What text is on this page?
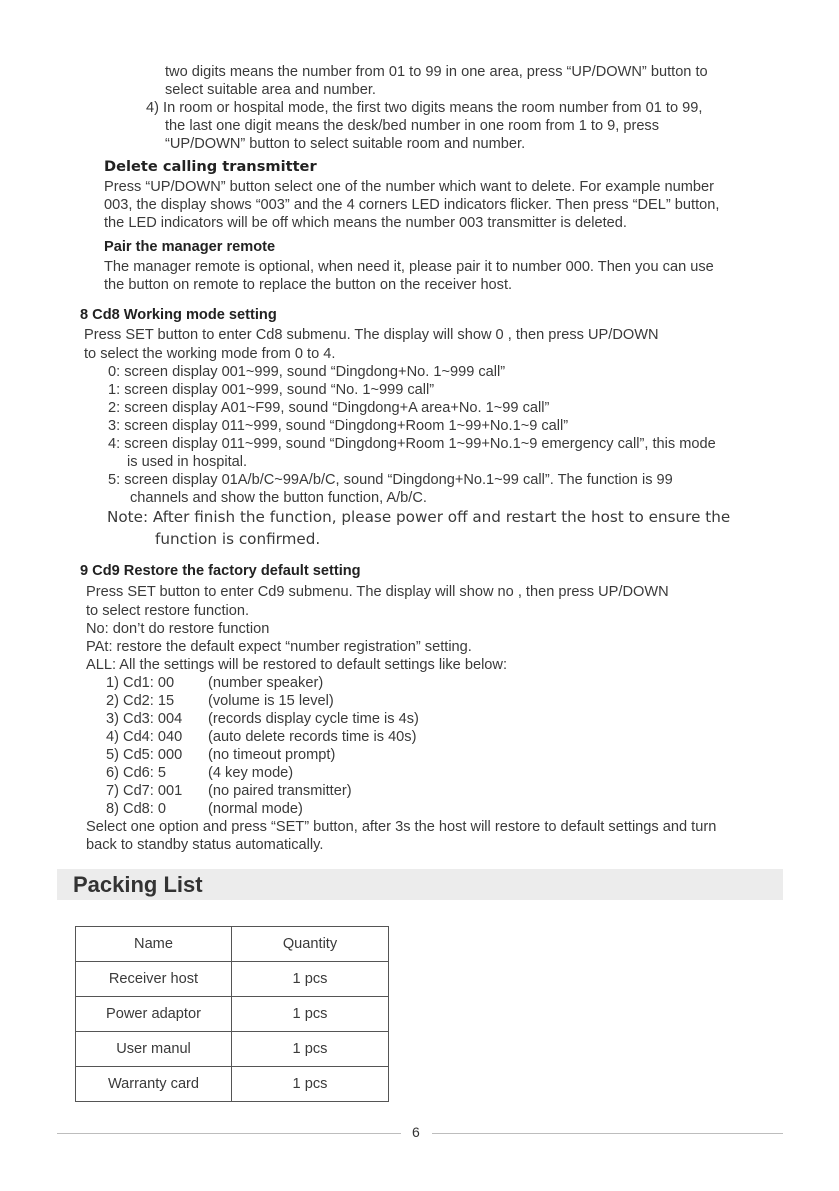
two digits means the number from 01 to 99 in one area, press “UP/DOWN” button to
select suitable area and number.
4) In room or hospital mode, the first two digits means the room number from 01 to 99,
the last one digit means the desk/bed number in one room from 1 to 9, press
“UP/DOWN” button to select suitable room and number.
Delete calling transmitter
Press “UP/DOWN” button select one of the number which want to delete. For example number
003, the display shows “003” and the 4 corners LED indicators flicker. Then press “DEL” button,
the LED indicators will be off which means the number 003 transmitter is deleted.
Pair the manager remote
The manager remote is optional, when need it, please pair it to number 000. Then you can use
the button on remote to replace the button on the receiver host.
8 Cd8 Working mode setting
Press SET button to enter Cd8 submenu. The display will show 0 , then press UP/DOWN
to select the working mode from 0 to 4.
0: screen display 001~999, sound “Dingdong+No. 1~999 call”
1: screen display 001~999, sound “No. 1~999 call”
2: screen display A01~F99, sound “Dingdong+A area+No. 1~99 call”
3: screen display 011~999, sound “Dingdong+Room 1~99+No.1~9 call”
4: screen display 011~999, sound “Dingdong+Room 1~99+No.1~9 emergency call”, this mode
is used in hospital.
5: screen display 01A/b/C~99A/b/C, sound “Dingdong+No.1~99 call”. The function is 99
channels and show the button function, A/b/C.
Note: After finish the function, please power off and restart the host to ensure the
function is confirmed.
9 Cd9 Restore the factory default setting
Press SET button to enter Cd9 submenu. The display will show no , then press UP/DOWN
to select restore function.
No: don’t do restore function
PAt: restore the default expect “number registration” setting.
ALL: All the settings will be restored to default settings like below:
1) Cd1: 00 (number speaker)
2) Cd2: 15 (volume is 15 level)
3) Cd3: 004 (records display cycle time is 4s)
4) Cd4: 040 (auto delete records time is 40s)
5) Cd5: 000 (no timeout prompt)
6) Cd6: 5	(4 key mode)
7) Cd7: 001 (no paired transmitter)
8) Cd8: 0	(normal mode)
Select one option and press “SET” button, after 3s the host will restore to default settings and turn
back to standby status automatically.
Packing List
Name	Quantity
Receiver host	1 pcs
Power adaptor	1 pcs
User manul	1 pcs
Warranty card	1 pcs
6
